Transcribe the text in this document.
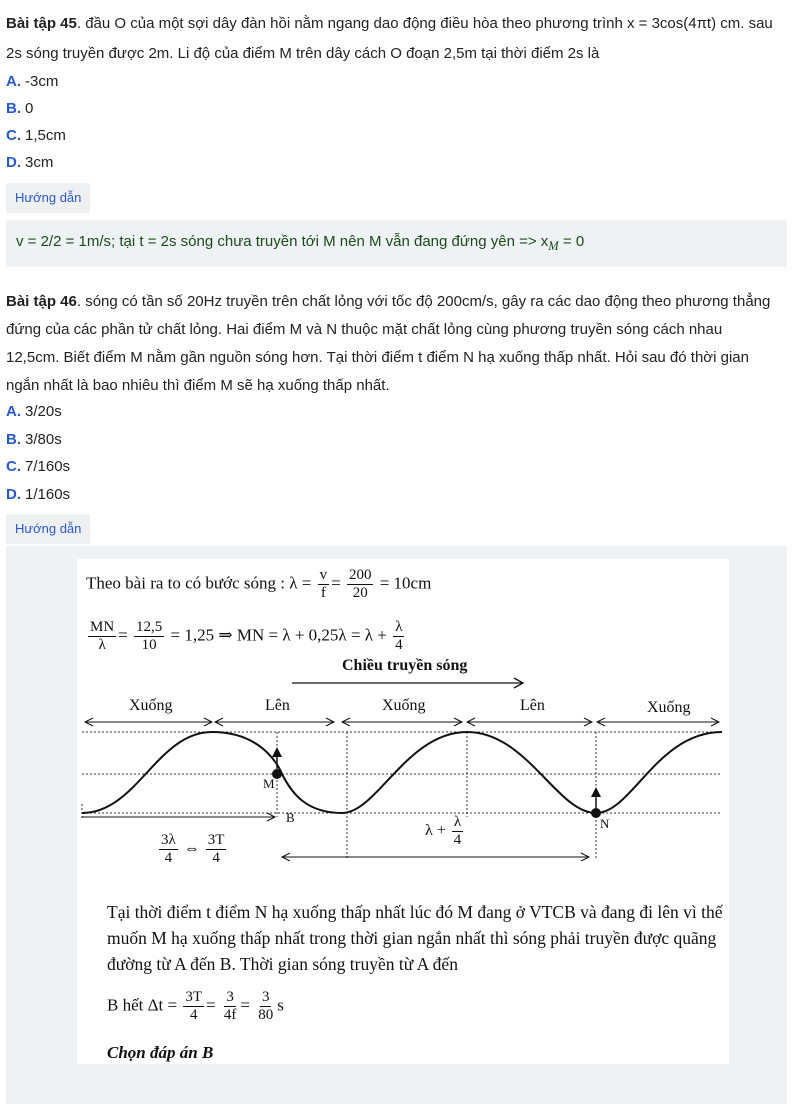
Bài tập 45. đầu O của một sợi dây đàn hồi nằm ngang dao động điều hòa theo phương trình x = 3cos(4πt) cm. sau
2s sóng truyền được 2m. Li độ của điểm M trên dây cách O đoạn 2,5m tại thời điểm 2s là
A. -3cm
B. 0
C. 1,5cm
D. 3cm
Hướng dẫn
v = 2/2 = 1m/s; tại t = 2s sóng chưa truyền tới M nên M vẫn đang đứng yên => $x_M = 0$
Bài tập 46. sóng có tần số 20Hz truyền trên chất lỏng với tốc độ 200cm/s, gây ra các dao động theo phương thẳng
đứng của các phần tử chất lỏng. Hai điểm M và N thuộc mặt chất lỏng cùng phương truyền sóng cách nhau
12,5cm. Biết điểm M nằm gần nguồn sóng hơn. Tại thời điểm t điểm N hạ xuống thấp nhất. Hỏi sau đó thời gian
ngắn nhất là bao nhiêu thì điểm M sẽ hạ xuống thấp nhất.
A. 3/20s
B. 3/80s
C. 7/160s
D. 1/160s
Hướng dẫn
Theo bài ra to có bước sóng : $\lambda = \frac{v}{f} = \frac{200}{20} = 10cm$
$\frac{MN}{\lambda} = \frac{12,5}{10} = 1,25$ ⇒ MN = $\lambda + 0,25\lambda = \lambda + \frac{\lambda}{4}$
Chiều truyền sóng
Xuống	Lên	Xuống	Lên	Xuống
M
B	N
$\frac{3\lambda}{4}$ ⇔ $\frac{3T}{4}$
$\lambda + \frac{\lambda}{4}$
Tại thời điểm t điểm N hạ xuống thấp nhất lúc đó M đang ở VTCB và đang đi lên vì thế muốn M hạ xuống thấp nhất trong thời gian ngắn nhất thì sóng phải truyền được quãng đường từ A đến B. Thời gian sóng truyền từ A đến
B hết $\Delta t = \frac{3T}{4} = \frac{3}{4f} = \frac{3}{80}$ s
Chọn đáp án B
